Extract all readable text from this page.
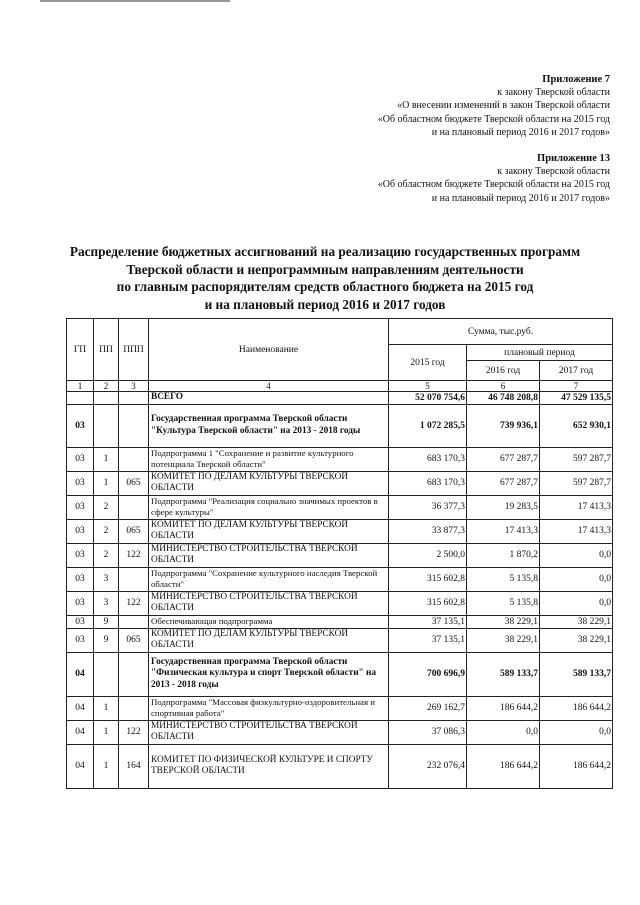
Приложение 7
к закону Тверской области
«О внесении изменений в закон Тверской области
«Об областном бюджете Тверской области на 2015 год
и на плановый период 2016 и 2017 годов»
Приложение 13
к закону Тверской области
«Об областном бюджете Тверской области на 2015 год
и на плановый период 2016 и 2017 годов»
Распределение бюджетных ассигнований на реализацию государственных программ
Тверской области и непрограммным направлениям деятельности
по главным распорядителям средств областного бюджета на 2015 год
и на плановый период 2016 и 2017 годов
ГП	ПП	ППП	Наименование	Сумма, тыс.руб.		
				2015 год	плановый период	
					2016 год	2017 год
1	2	3	4	5	6	7
			ВСЕГО	52 070 754,6	46 748 208,8	47 529 135,5
03			Государственная программа Тверской области "Культура Тверской области" на 2013 - 2018 годы	1 072 285,5	739 936,1	652 930,1
03	1		Подпрограмма 1 "Сохранение и развитие культурного потенциала Тверской области"	683 170,3	677 287,7	597 287,7
03	1	065	КОМИТЕТ ПО ДЕЛАМ КУЛЬТУРЫ ТВЕРСКОЙ ОБЛАСТИ	683 170,3	677 287,7	597 287,7
03	2		Подпрограмма "Реализация социально значимых проектов в сфере культуры"	36 377,3	19 283,5	17 413,3
03	2	065	КОМИТЕТ ПО ДЕЛАМ КУЛЬТУРЫ ТВЕРСКОЙ ОБЛАСТИ	33 877,3	17 413,3	17 413,3
03	2	122	МИНИСТЕРСТВО СТРОИТЕЛЬСТВА ТВЕРСКОЙ ОБЛАСТИ	2 500,0	1 870,2	0,0
03	3		Подпрограмма "Сохранение культурного наследия Тверской области"	315 602,8	5 135,8	0,0
03	3	122	МИНИСТЕРСТВО СТРОИТЕЛЬСТВА ТВЕРСКОЙ ОБЛАСТИ	315 602,8	5 135,8	0,0
03	9		Обеспечивающая подпрограмма	37 135,1	38 229,1	38 229,1
03	9	065	КОМИТЕТ ПО ДЕЛАМ КУЛЬТУРЫ ТВЕРСКОЙ ОБЛАСТИ	37 135,1	38 229,1	38 229,1
04			Государственная программа Тверской области "Физическая культура и спорт Тверской области" на 2013 - 2018 годы	700 696,9	589 133,7	589 133,7
04	1		Подпрограмма "Массовая физкультурно-оздоровительная и спортивная работа"	269 162,7	186 644,2	186 644,2
04	1	122	МИНИСТЕРСТВО СТРОИТЕЛЬСТВА ТВЕРСКОЙ ОБЛАСТИ	37 086,3	0,0	0,0
04	1	164	КОМИТЕТ ПО ФИЗИЧЕСКОЙ КУЛЬТУРЕ И СПОРТУ ТВЕРСКОЙ ОБЛАСТИ	232 076,4	186 644,2	186 644,2
